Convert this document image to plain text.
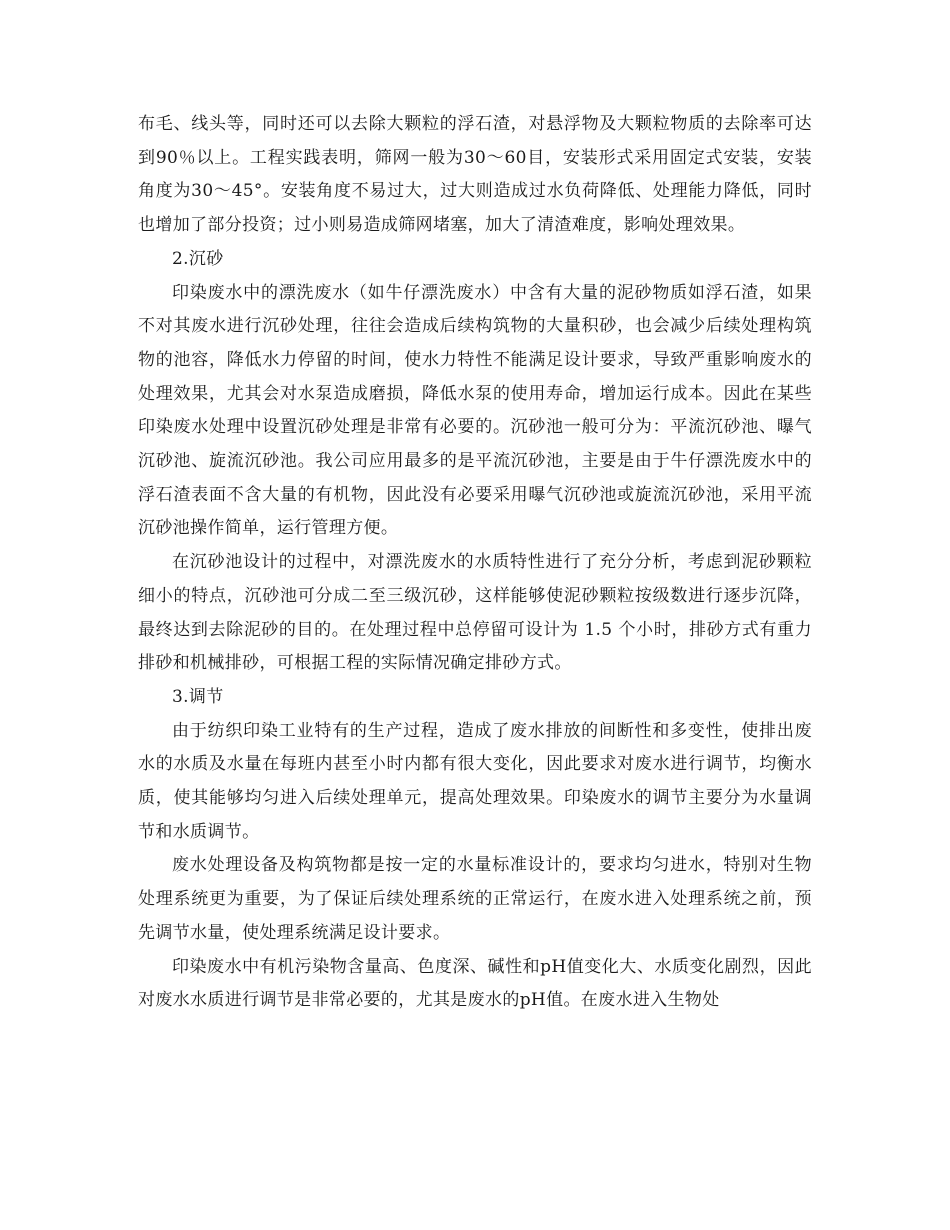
布毛、线头等，同时还可以去除大颗粒的浮石渣，对悬浮物及大颗粒物质的去除率可达到90％以上。工程实践表明，筛网一般为30～60目，安装形式采用固定式安装，安装角度为30～45°。安装角度不易过大，过大则造成过水负荷降低、处理能力降低，同时也增加了部分投资；过小则易造成筛网堵塞，加大了清渣难度，影响处理效果。

2.沉砂

印染废水中的漂洗废水（如牛仔漂洗废水）中含有大量的泥砂物质如浮石渣，如果不对其废水进行沉砂处理，往往会造成后续构筑物的大量积砂，也会减少后续处理构筑物的池容，降低水力停留的时间，使水力特性不能满足设计要求，导致严重影响废水的处理效果，尤其会对水泵造成磨损，降低水泵的使用寿命，增加运行成本。因此在某些印染废水处理中设置沉砂处理是非常有必要的。沉砂池一般可分为：平流沉砂池、曝气沉砂池、旋流沉砂池。我公司应用最多的是平流沉砂池，主要是由于牛仔漂洗废水中的浮石渣表面不含大量的有机物，因此没有必要采用曝气沉砂池或旋流沉砂池，采用平流沉砂池操作简单，运行管理方便。

在沉砂池设计的过程中，对漂洗废水的水质特性进行了充分分析，考虑到泥砂颗粒细小的特点，沉砂池可分成二至三级沉砂，这样能够使泥砂颗粒按级数进行逐步沉降，最终达到去除泥砂的目的。在处理过程中总停留可设计为 1.5 个小时，排砂方式有重力排砂和机械排砂，可根据工程的实际情况确定排砂方式。

3.调节

由于纺织印染工业特有的生产过程，造成了废水排放的间断性和多变性，使排出废水的水质及水量在每班内甚至小时内都有很大变化，因此要求对废水进行调节，均衡水质，使其能够均匀进入后续处理单元，提高处理效果。印染废水的调节主要分为水量调节和水质调节。

废水处理设备及构筑物都是按一定的水量标准设计的，要求均匀进水，特别对生物处理系统更为重要，为了保证后续处理系统的正常运行，在废水进入处理系统之前，预先调节水量，使处理系统满足设计要求。

印染废水中有机污染物含量高、色度深、碱性和pH值变化大、水质变化剧烈，因此对废水水质进行调节是非常必要的，尤其是废水的pH值。在废水进入生物处
